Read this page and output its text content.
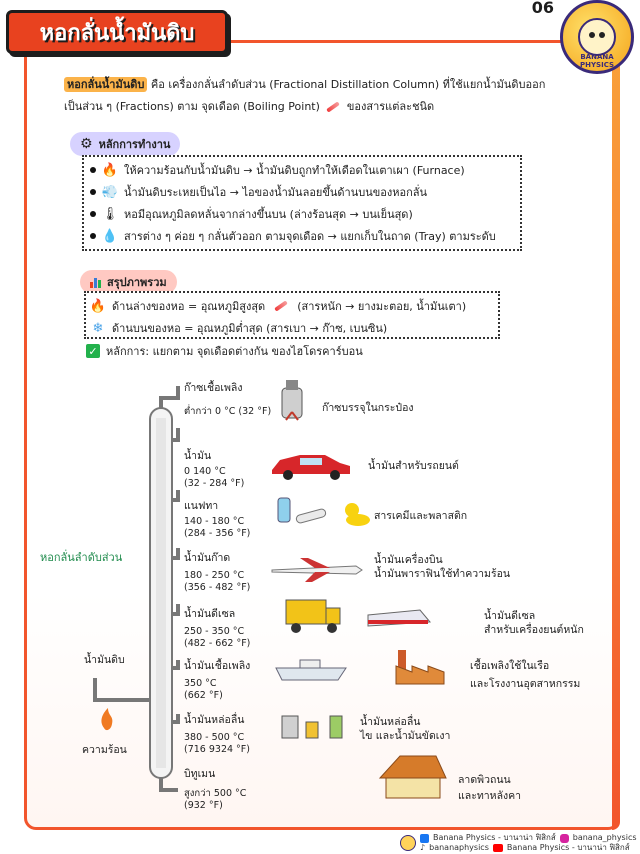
หอกลั่นน้ำมันดิบ
06
BANANA PHYSICS
หอกลั่นน้ำมันดิบ คือ เครื่องกลั่นลำดับส่วน (Fractional Distillation Column) ที่ใช้แยกน้ำมันดิบออก
เป็นส่วน ๆ (Fractions) ตาม จุดเดือด (Boiling Point) ของสารแต่ละชนิด
⚙ หลักการทำงาน
🔥 ให้ความร้อนกับน้ำมันดิบ → น้ำมันดิบถูกทำให้เดือดในเตาเผา (Furnace)
💨 น้ำมันดิบระเหยเป็นไอ → ไอของน้ำมันลอยขึ้นด้านบนของหอกลั่น
🌡 หอมีอุณหภูมิลดหลั่นจากล่างขึ้นบน (ล่างร้อนสุด → บนเย็นสุด)
💧 สารต่าง ๆ ค่อย ๆ กลั่นตัวออก ตามจุดเดือด → แยกเก็บในถาด (Tray) ตามระดับ
สรุปภาพรวม
🔥 ด้านล่างของหอ = อุณหภูมิสูงสุด	(สารหนัก → ยางมะตอย, น้ำมันเตา)
❄ ด้านบนของหอ = อุณหภูมิต่ำสุด (สารเบา → ก๊าซ, เบนซิน)
✓ หลักการ: แยกตาม จุดเดือดต่างกัน ของไฮโดรคาร์บอน
หอกลั่นลำดับส่วน
น้ำมันดิบ
ความร้อน
ก๊าซเชื้อเพลิง
ต่ำกว่า 0 °C (32 °F)	ก๊าซบรรจุในกระป๋อง
น้ำมัน
0 140 °C
(32 - 284 °F)
น้ำมันสำหรับรถยนต์
แนฟทา
140 - 180 °C
(284 - 356 °F)
สารเคมีและพลาสติก
น้ำมันก๊าด
180 - 250 °C
(356 - 482 °F)
น้ำมันเครื่องบิน
น้ำมันพาราฟินใช้ทำความร้อน
น้ำมันดีเซล
250 - 350 °C
(482 - 662 °F)
น้ำมันดีเซล
สำหรับเครื่องยนต์หนัก
น้ำมันเชื้อเพลิง
350 °C
(662 °F)
เชื้อเพลิงใช้ในเรือ
และโรงงานอุตสาหกรรม
น้ำมันหล่อลื่น
380 - 500 °C
(716 9324 °F)
น้ำมันหล่อลื่น
ไข และน้ำมันขัดเงา
บิทูเมน
สูงกว่า 500 °C
(932 °F)
ลาดพิวถนน
และทาหลังคา
Banana Physics - บานาน่า ฟิสิกส์ banana_physics
♪ bananaphysics Banana Physics - บานาน่า ฟิสิกส์
